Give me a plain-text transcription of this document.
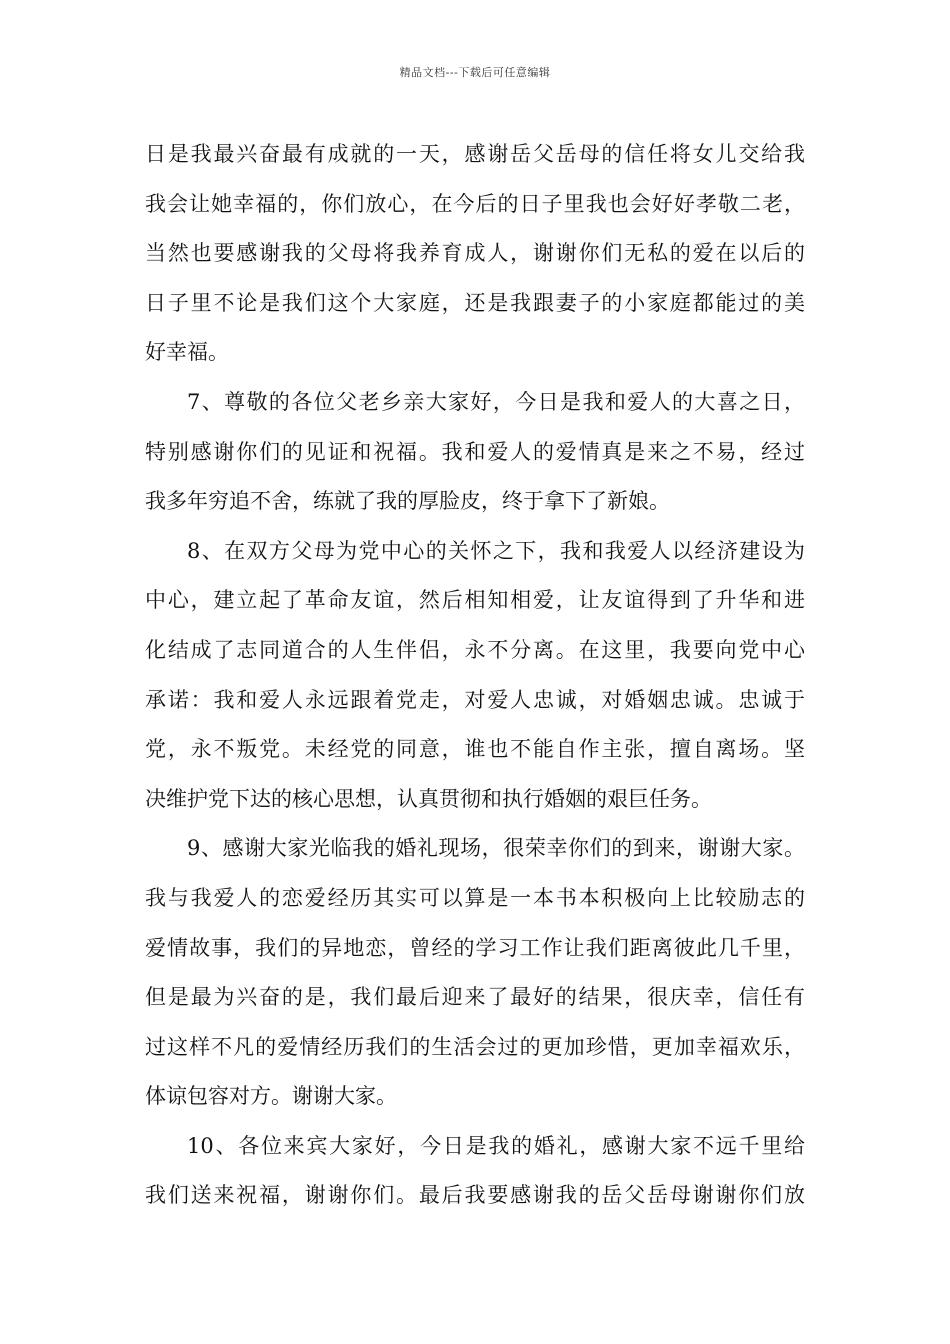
精品文档---下载后可任意编辑
日是我最兴奋最有成就的一天，感谢岳父岳母的信任将女儿交给我
我会让她幸福的，你们放心，在今后的日子里我也会好好孝敬二老，
当然也要感谢我的父母将我养育成人，谢谢你们无私的爱在以后的
日子里不论是我们这个大家庭，还是我跟妻子的小家庭都能过的美
好幸福。
7、尊敬的各位父老乡亲大家好，今日是我和爱人的大喜之日，
特别感谢你们的见证和祝福。我和爱人的爱情真是来之不易，经过
我多年穷追不舍，练就了我的厚脸皮，终于拿下了新娘。
8、在双方父母为党中心的关怀之下，我和我爱人以经济建设为
中心，建立起了革命友谊，然后相知相爱，让友谊得到了升华和进
化结成了志同道合的人生伴侣，永不分离。在这里，我要向党中心
承诺：我和爱人永远跟着党走，对爱人忠诚，对婚姻忠诚。忠诚于
党，永不叛党。未经党的同意，谁也不能自作主张，擅自离场。坚
决维护党下达的核心思想，认真贯彻和执行婚姻的艰巨任务。
9、感谢大家光临我的婚礼现场，很荣幸你们的到来，谢谢大家。
我与我爱人的恋爱经历其实可以算是一本书本积极向上比较励志的
爱情故事，我们的异地恋，曾经的学习工作让我们距离彼此几千里，
但是最为兴奋的是，我们最后迎来了最好的结果，很庆幸，信任有
过这样不凡的爱情经历我们的生活会过的更加珍惜，更加幸福欢乐，
体谅包容对方。谢谢大家。
10、各位来宾大家好，今日是我的婚礼，感谢大家不远千里给
我们送来祝福，谢谢你们。最后我要感谢我的岳父岳母谢谢你们放
